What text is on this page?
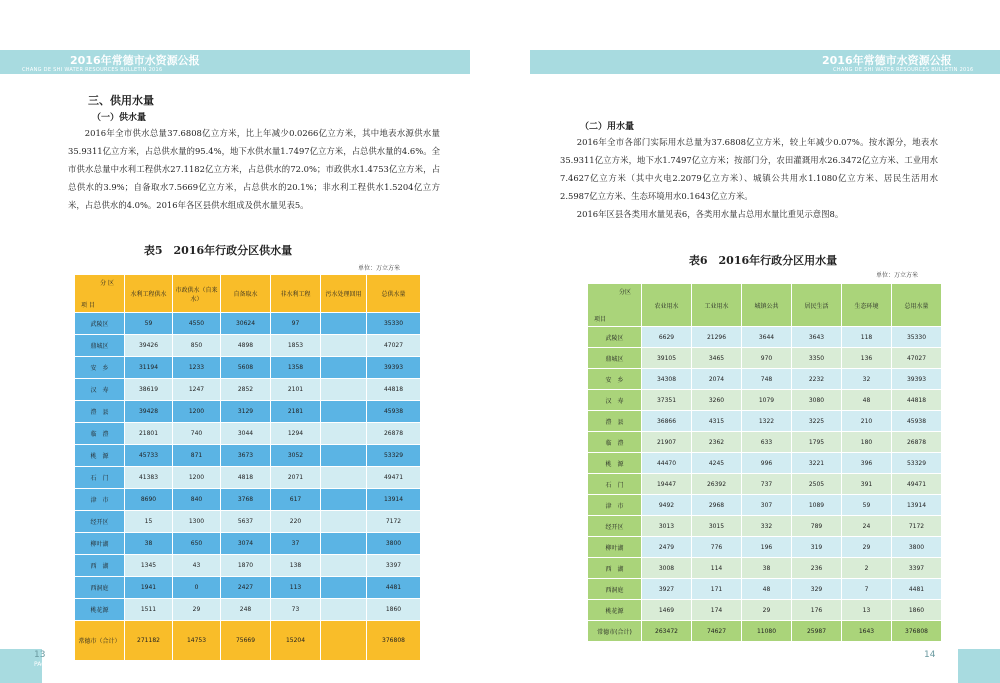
2016年常德市水资源公报
CHANG DE SHI WATER RESOURCES BULLETIN 2016
2016年常德市水资源公报
CHANG DE SHI WATER RESOURCES BULLETIN 2016
三、供用水量
（一）供水量

2016年全市供水总量37.6808亿立方米，比上年减少0.0266亿立方米，其中地表水源供水量35.9311亿立方米，占总供水量的95.4%，地下水供水量1.7497亿立方米，占总供水量的4.6%。全市供水总量中水利工程供水27.1182亿立方米，占总供水的72.0%；市政供水1.4753亿立方米，占总供水的3.9%；自备取水7.5669亿立方米，占总供水的20.1%；非水利工程供水1.5204亿立方米，占总供水的4.0%。2016年各区县供水组成及供水量见表5。

表5　2016年行政分区供水量
单位：万立方米
分 区
项 目	水利工程供水	市政供水（自来水）	自备取水	非水利工程	污水处理回用	总供水量
武陵区	59	4550	30624	97		35330
鼎城区	39426	850	4898	1853		47027
安　乡	31194	1233	5608	1358		39393
汉　寿	38619	1247	2852	2101		44818
澧　县	39428	1200	3129	2181		45938
临　澧	21801	740	3044	1294		26878
桃　源	45733	871	3673	3052		53329
石　门	41383	1200	4818	2071		49471
津　市	8690	840	3768	617		13914
经开区	15	1300	5637	220		7172
柳叶湖	38	650	3074	37		3800
西　湖	1345	43	1870	138		3397
西洞庭	1941	0	2427	113		4481
桃花源	1511	29	248	73		1860
常德市（合计）	271182	14753	75669	15204		376808
13
PAGE
（二）用水量

2016年全市各部门实际用水总量为37.6808亿立方米，较上年减少0.07%。按水源分，地表水35.9311亿立方米，地下水1.7497亿立方米；按部门分，农田灌溉用水26.3472亿立方米、工业用水7.4627亿立方米（其中火电2.2079亿立方米）、城镇公共用水1.1080亿立方米、居民生活用水2.5987亿立方米、生态环境用水0.1643亿立方米。

2016年区县各类用水量见表6，各类用水量占总用水量比重见示意图8。

表6　2016年行政分区用水量
单位：万立方米
分区
项目	农业用水	工业用水	城镇公共	居民生活	生态环境	总用水量
武陵区	6629	21296	3644	3643	118	35330
鼎城区	39105	3465	970	3350	136	47027
安　乡	34308	2074	748	2232	32	39393
汉　寿	37351	3260	1079	3080	48	44818
澧　县	36866	4315	1322	3225	210	45938
临　澧	21907	2362	633	1795	180	26878
桃　源	44470	4245	996	3221	396	53329
石　门	19447	26392	737	2505	391	49471
津　市	9492	2968	307	1089	59	13914
经开区	3013	3015	332	789	24	7172
柳叶湖	2479	776	196	319	29	3800
西　湖	3008	114	38	236	2	3397
西洞庭	3927	171	48	329	7	4481
桃花源	1469	174	29	176	13	1860
常德市(合计)	263472	74627	11080	25987	1643	376808
14
PAGE
